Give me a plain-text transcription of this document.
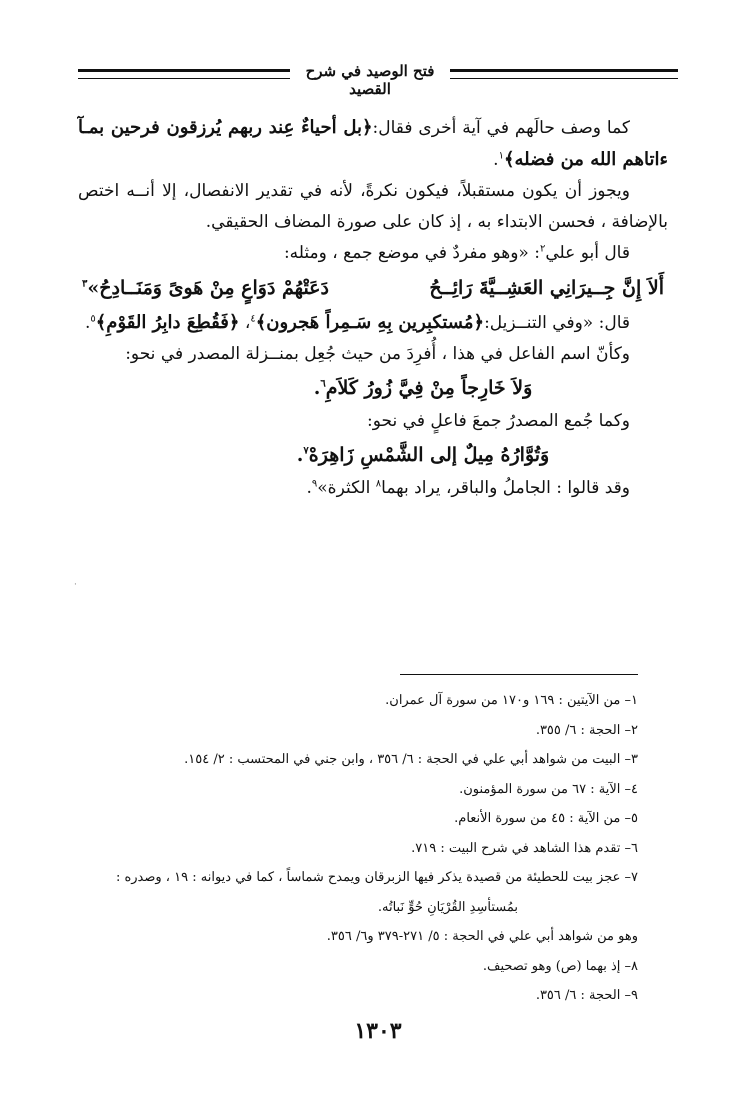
فتح الوصيد في شرح القصيد

كما وصف حالَهم في آية أخرى فقال:﴿بل أحياءٌ عِند ربهم يُرزقون فرحين بمـآ ءاتاهم الله من فضله﴾$^١$.

ويجوز أن يكون مستقبلاً، فيكون نكرةً، لأنه في تقدير الانفصال، إلا أنــه اختص بالإضافة ، فحسن الابتداء به ، إذ كان على صورة المضاف الحقيقي.

قال أبو علي$^٢$: «وهو مفردٌ في موضع جمع ، ومثله:

أَلاَ إِنَّ جِــيرَانِي العَشِــيَّةَ رَائِــحُ
دَعَتْهُمْ دَوَاعٍ مِنْ هَوىً وَمَنَــادِحُ»$^٣$

قال: «وفي التنــزيل:﴿مُستكبِرين بِهِ سَـمِراً هَجرون﴾$^٤$، ﴿فَقُطِعَ دابِرُ القَوْمِ﴾$^٥$.

وكأنّ اسم الفاعل في هذا ، أُفرِدَ من حيث جُعِل بمنــزلة المصدر في نحو:

وَلاَ خَارِجاً مِنْ فِيَّ زُورُ كَلاَمِ$^٦$.

وكما جُمع المصدرُ جمعَ فاعلٍ في نحو:

وَتُوَّارُهُ مِيلٌ إلى الشَّمْسِ زَاهِرَهْ$^٧$.

وقد قالوا : الجاملُ والباقر، يراد بهما$^٨$ الكثرة»$^٩$.

·

١– من الآيتين : ١٦٩ و١٧٠ من سورة آل عمران.

٢– الحجة : ٦/ ٣٥٥.

٣– البيت من شواهد أبي علي في الحجة : ٦/ ٣٥٦ ، وابن جني في المحتسب : ٢/ ١٥٤.

٤– الآية : ٦٧ من سورة المؤمنون.

٥– من الآية : ٤٥ من سورة الأنعام.

٦– تقدم هذا الشاهد في شرح البيت : ٧١٩.

٧– عجز بيت للحطيئة من قصيدة يذكر فيها الزبرقان ويمدح شماساً ، كما في ديوانه : ١٩ ، وصدره :

بمُستأسِدِ القُرْيَانِ حُوٍّ نَباتُه.

وهو من شواهد أبي علي في الحجة : ٥/ ٢٧١-٣٧٩ و٦/ ٣٥٦.

٨– إذ بهما (ص) وهو تصحيف.

٩– الحجة : ٦/ ٣٥٦.

١٣٠٣
